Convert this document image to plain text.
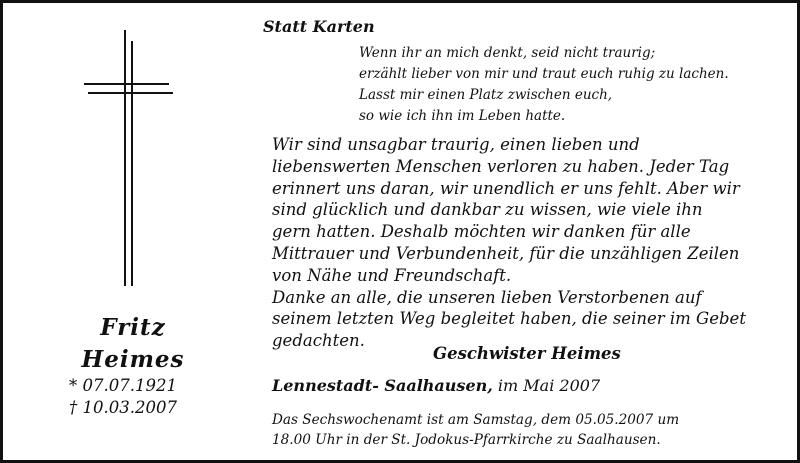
Fritz
Heimes
* 07.07.1921
† 10.03.2007
Statt Karten
Wenn ihr an mich denkt, seid nicht traurig;
erzählt lieber von mir und traut euch ruhig zu lachen.
Lasst mir einen Platz zwischen euch,
so wie ich ihn im Leben hatte.
Wir sind unsagbar traurig, einen lieben und
liebenswerten Menschen verloren zu haben. Jeder Tag
erinnert uns daran, wir unendlich er uns fehlt. Aber wir
sind glücklich und dankbar zu wissen, wie viele ihn
gern hatten. Deshalb möchten wir danken für alle
Mittrauer und Verbundenheit, für die unzähligen Zeilen
von Nähe und Freundschaft.
Danke an alle, die unseren lieben Verstorbenen auf
seinem letzten Weg begleitet haben, die seiner im Gebet
gedachten.
Geschwister Heimes
Lennestadt- Saalhausen, im Mai 2007
Das Sechswochenamt ist am Samstag, dem 05.05.2007 um
18.00 Uhr in der St. Jodokus-Pfarrkirche zu Saalhausen.
